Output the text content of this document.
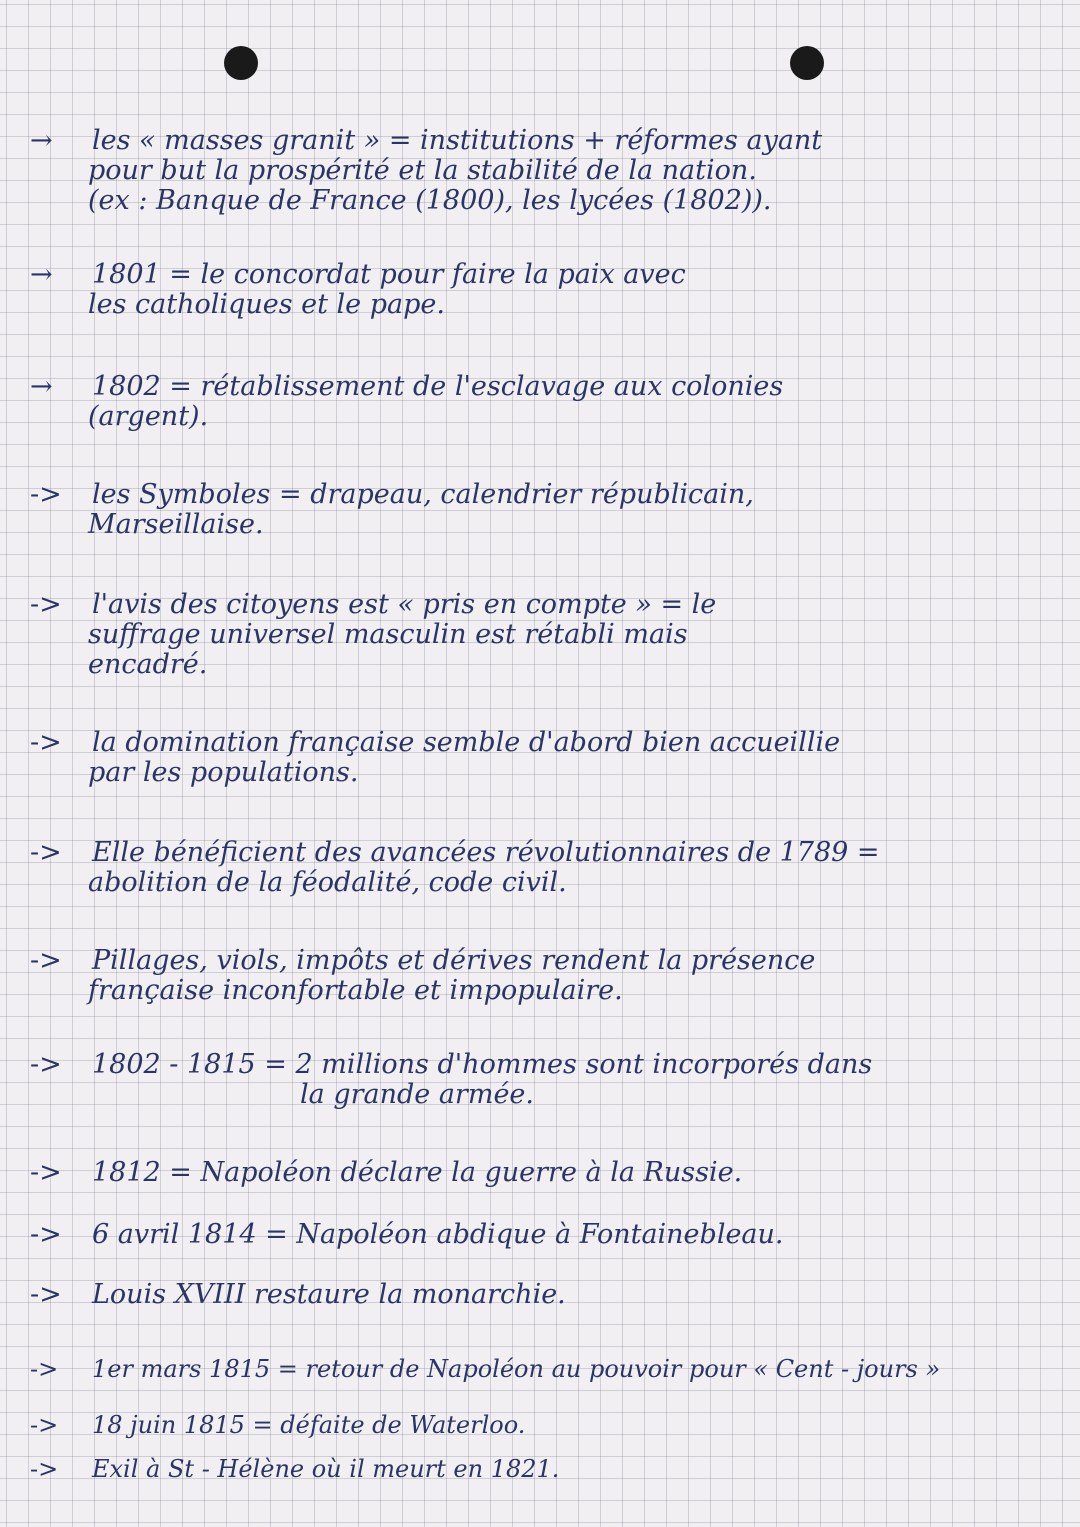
→ les « masses granit » = institutions + réformes ayant
pour but la prospérité et la stabilité de la nation.
(ex : Banque de France (1800), les lycées (1802)).
→ 1801 = le concordat pour faire la paix avec
les catholiques et le pape.
→ 1802 = rétablissement de l'esclavage aux colonies
(argent).
-> les Symboles = drapeau, calendrier républicain,
Marseillaise.
-> l'avis des citoyens est « pris en compte » = le
suffrage universel masculin est rétabli mais
encadré.
-> la domination française semble d'abord bien accueillie
par les populations.
-> Elle bénéficient des avancées révolutionnaires de 1789 =
abolition de la féodalité, code civil.
-> Pillages, viols, impôts et dérives rendent la présence
française inconfortable et impopulaire.
-> 1802 - 1815 = 2 millions d'hommes sont incorporés dans
la grande armée.
-> 1812 = Napoléon déclare la guerre à la Russie.
-> 6 avril 1814 = Napoléon abdique à Fontainebleau.
-> Louis XVIII restaure la monarchie.
-> 1er mars 1815 = retour de Napoléon au pouvoir pour « Cent - jours »
-> 18 juin 1815 = défaite de Waterloo.
-> Exil à St - Hélène où il meurt en 1821.
